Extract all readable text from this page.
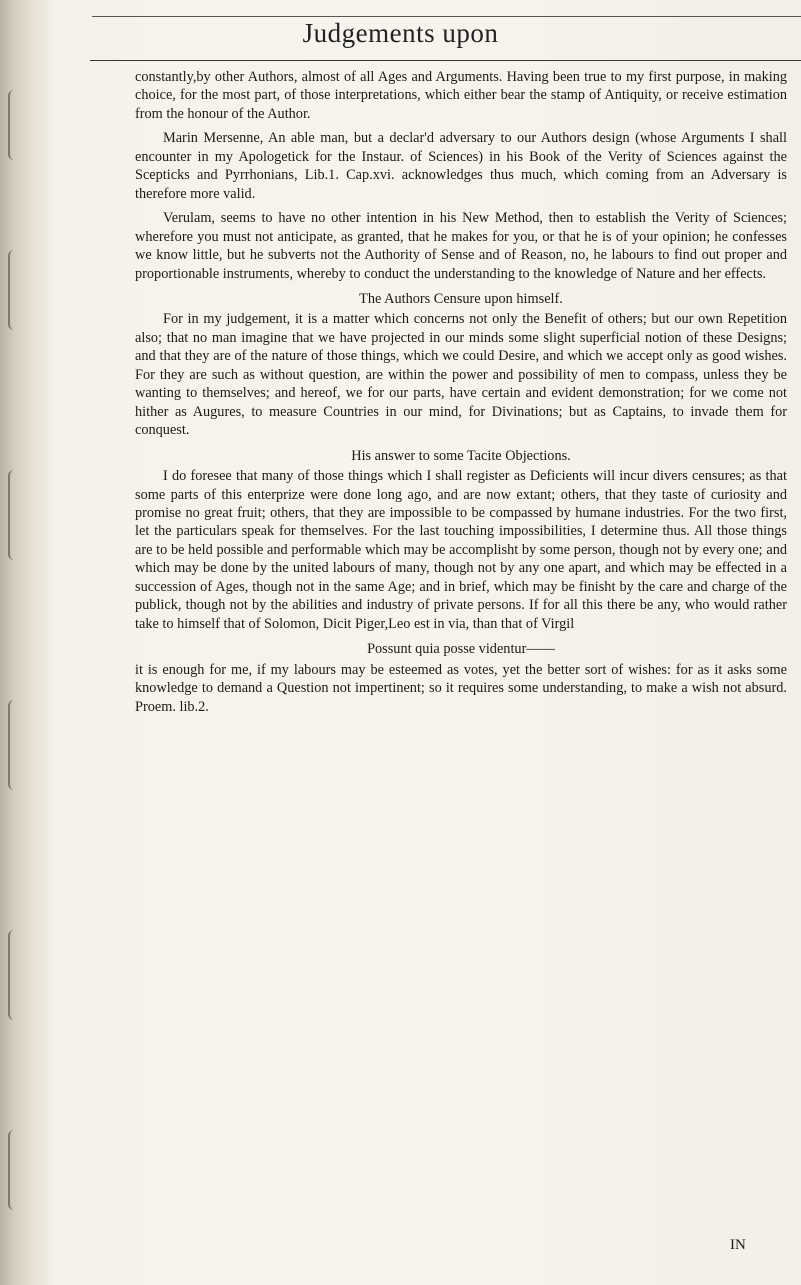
Judgements upon

constantly,by other Authors, almost of all Ages and Arguments. Having been true to my first purpose, in making choice, for the most part, of those interpretations, which either bear the stamp of Antiquity, or receive estimation from the honour of the Author.

Marin Mersenne, An able man, but a declar'd adversary to our Authors design (whose Arguments I shall encounter in my Apologetick for the Instaur. of Sciences) in his Book of the Verity of Sciences against the Scepticks and Pyrrhonians, Lib.1. Cap.xvi. acknowledges thus much, which coming from an Adversary is therefore more valid.

Verulam, seems to have no other intention in his New Method, then to establish the Verity of Sciences; wherefore you must not anticipate, as granted, that he makes for you, or that he is of your opinion; he confesses we know little, but he subverts not the Authority of Sense and of Reason, no, he labours to find out proper and proportionable instruments, whereby to conduct the understanding to the knowledge of Nature and her effects.

The Authors Censure upon himself.

For in my judgement, it is a matter which concerns not only the Benefit of others; but our own Repetition also; that no man imagine that we have projected in our minds some slight superficial notion of these Designs; and that they are of the nature of those things, which we could Desire, and which we accept only as good wishes. For they are such as without question, are within the power and possibility of men to compass, unless they be wanting to themselves; and hereof, we for our parts, have certain and evident demonstration; for we come not hither as Augures, to measure Countries in our mind, for Divinations; but as Captains, to invade them for conquest.

His answer to some Tacite Objections.

I do foresee that many of those things which I shall register as Deficients will incur divers censures; as that some parts of this enterprize were done long ago, and are now extant; others, that they taste of curiosity and promise no great fruit; others, that they are impossible to be compassed by humane industries. For the two first, let the particulars speak for themselves. For the last touching impossibilities, I determine thus. All those things are to be held possible and performable which may be accomplisht by some person, though not by every one; and which may be done by the united labours of many, though not by any one apart, and which may be effected in a succession of Ages, though not in the same Age; and in brief, which may be finisht by the care and charge of the publick, though not by the abilities and industry of private persons. If for all this there be any, who would rather take to himself that of Solomon, Dicit Piger,Leo est in via, than that of Virgil

Possunt quia posse videntur——

it is enough for me, if my labours may be esteemed as votes, yet the better sort of wishes: for as it asks some knowledge to demand a Question not impertinent; so it requires some understanding, to make a wish not absurd. Proem. lib.2.

IN
